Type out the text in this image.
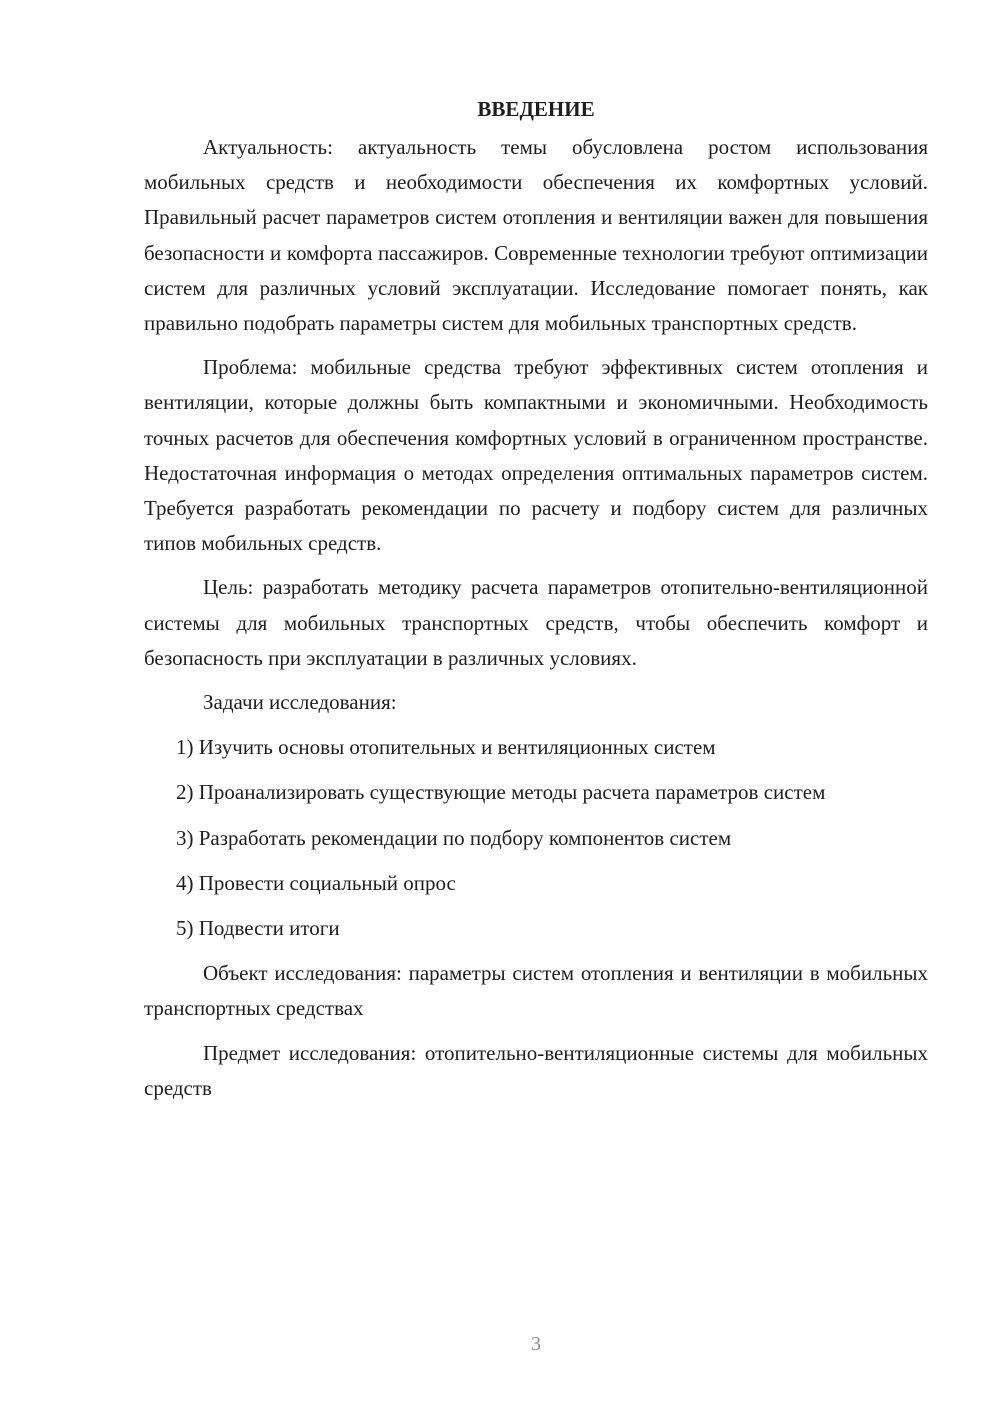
ВВЕДЕНИЕ
Актуальность: актуальность темы обусловлена ростом использования мобильных средств и необходимости обеспечения их комфортных условий. Правильный расчет параметров систем отопления и вентиляции важен для повышения безопасности и комфорта пассажиров. Современные технологии требуют оптимизации систем для различных условий эксплуатации. Исследование помогает понять, как правильно подобрать параметры систем для мобильных транспортных средств.
Проблема: мобильные средства требуют эффективных систем отопления и вентиляции, которые должны быть компактными и экономичными. Необходимость точных расчетов для обеспечения комфортных условий в ограниченном пространстве. Недостаточная информация о методах определения оптимальных параметров систем. Требуется разработать рекомендации по расчету и подбору систем для различных типов мобильных средств.
Цель: разработать методику расчета параметров отопительно-вентиляционной системы для мобильных транспортных средств, чтобы обеспечить комфорт и безопасность при эксплуатации в различных условиях.
Задачи исследования:
1) Изучить основы отопительных и вентиляционных систем
2) Проанализировать существующие методы расчета параметров систем
3) Разработать рекомендации по подбору компонентов систем
4) Провести социальный опрос
5) Подвести итоги
Объект исследования: параметры систем отопления и вентиляции в мобильных транспортных средствах
Предмет исследования: отопительно-вентиляционные системы для мобильных средств
3
